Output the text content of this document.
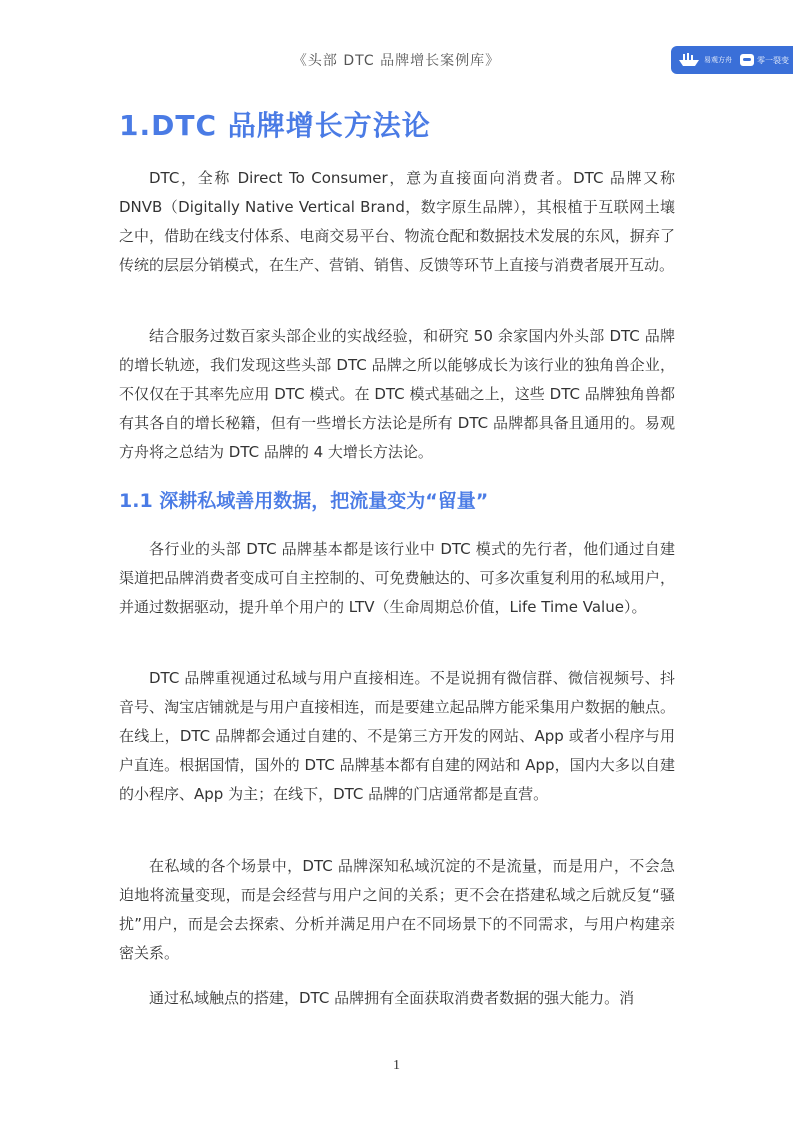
《头部 DTC 品牌增长案例库》	易观方舟	零一裂变
1.DTC 品牌增长方法论

DTC，全称 Direct To Consumer，意为直接面向消费者。DTC 品牌又称 DNVB（Digitally Native Vertical Brand，数字原生品牌），其根植于互联网土壤之中，借助在线支付体系、电商交易平台、物流仓配和数据技术发展的东风，摒弃了传统的层层分销模式，在生产、营销、销售、反馈等环节上直接与消费者展开互动。

结合服务过数百家头部企业的实战经验，和研究 50 余家国内外头部 DTC 品牌的增长轨迹，我们发现这些头部 DTC 品牌之所以能够成长为该行业的独角兽企业，不仅仅在于其率先应用 DTC 模式。在 DTC 模式基础之上，这些 DTC 品牌独角兽都有其各自的增长秘籍，但有一些增长方法论是所有 DTC 品牌都具备且通用的。易观方舟将之总结为 DTC 品牌的 4 大增长方法论。

1.1 深耕私域善用数据，把流量变为“留量”

各行业的头部 DTC 品牌基本都是该行业中 DTC 模式的先行者，他们通过自建渠道把品牌消费者变成可自主控制的、可免费触达的、可多次重复利用的私域用户，并通过数据驱动，提升单个用户的 LTV（生命周期总价值，Life Time Value）。

DTC 品牌重视通过私域与用户直接相连。不是说拥有微信群、微信视频号、抖音号、淘宝店铺就是与用户直接相连，而是要建立起品牌方能采集用户数据的触点。在线上，DTC 品牌都会通过自建的、不是第三方开发的网站、App 或者小程序与用户直连。根据国情，国外的 DTC 品牌基本都有自建的网站和 App，国内大多以自建的小程序、App 为主；在线下，DTC 品牌的门店通常都是直营。

在私域的各个场景中，DTC 品牌深知私域沉淀的不是流量，而是用户，不会急迫地将流量变现，而是会经营与用户之间的关系；更不会在搭建私域之后就反复“骚扰”用户，而是会去探索、分析并满足用户在不同场景下的不同需求，与用户构建亲密关系。

通过私域触点的搭建，DTC 品牌拥有全面获取消费者数据的强大能力。消

1
